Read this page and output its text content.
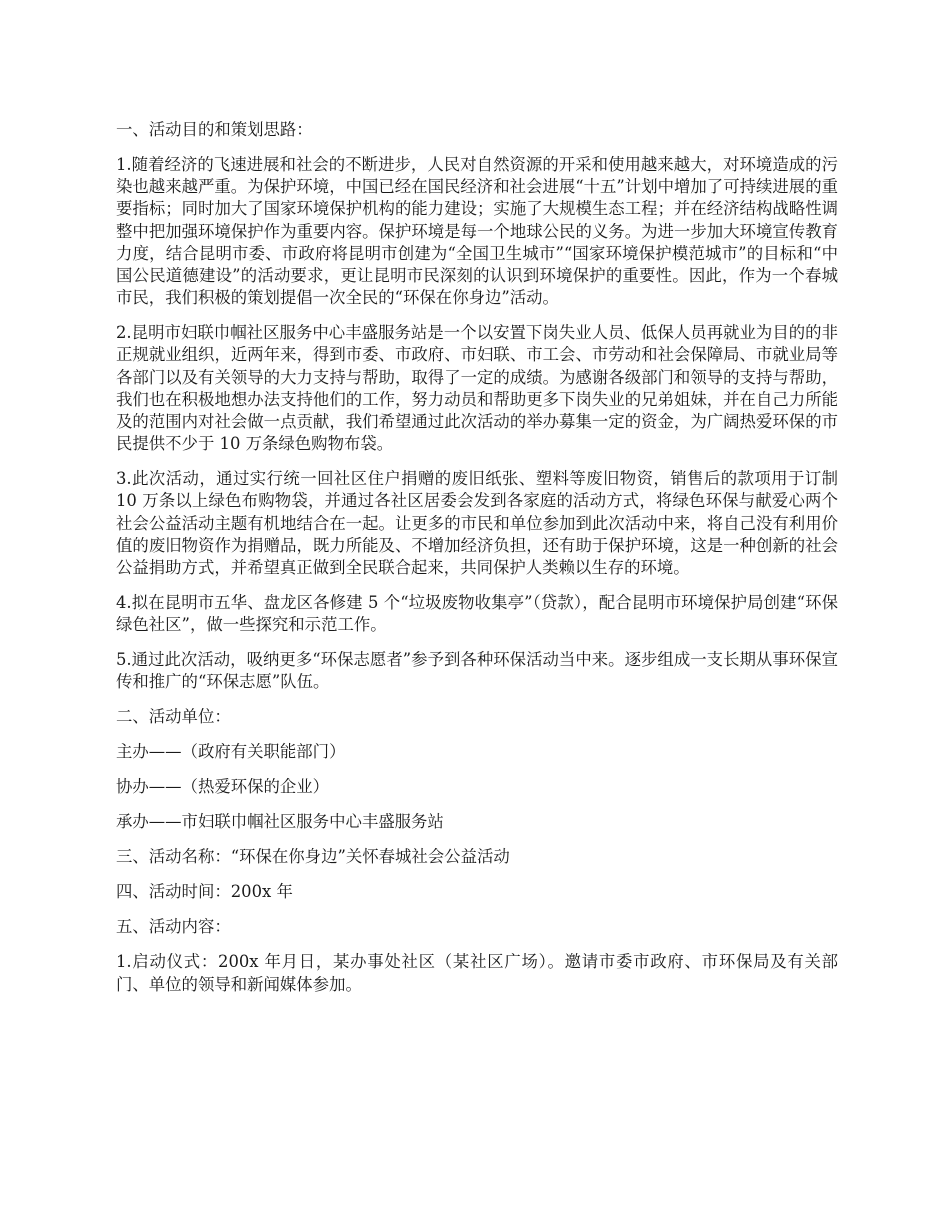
一、活动目的和策划思路：

1.随着经济的飞速进展和社会的不断进步，人民对自然资源的开采和使用越来越大，对环境造成的污染也越来越严重。为保护环境，中国已经在国民经济和社会进展“十五”计划中增加了可持续进展的重要指标；同时加大了国家环境保护机构的能力建设；实施了大规模生态工程；并在经济结构战略性调整中把加强环境保护作为重要内容。保护环境是每一个地球公民的义务。为进一步加大环境宣传教育力度，结合昆明市委、市政府将昆明市创建为“全国卫生城市”“国家环境保护模范城市”的目标和“中国公民道德建设”的活动要求，更让昆明市民深刻的认识到环境保护的重要性。因此，作为一个春城市民，我们积极的策划提倡一次全民的“环保在你身边”活动。

2.昆明市妇联巾帼社区服务中心丰盛服务站是一个以安置下岗失业人员、低保人员再就业为目的的非正规就业组织，近两年来，得到市委、市政府、市妇联、市工会、市劳动和社会保障局、市就业局等各部门以及有关领导的大力支持与帮助，取得了一定的成绩。为感谢各级部门和领导的支持与帮助，我们也在积极地想办法支持他们的工作，努力动员和帮助更多下岗失业的兄弟姐妹，并在自己力所能及的范围内对社会做一点贡献，我们希望通过此次活动的举办募集一定的资金，为广阔热爱环保的市民提供不少于 10 万条绿色购物布袋。

3.此次活动，通过实行统一回社区住户捐赠的废旧纸张、塑料等废旧物资，销售后的款项用于订制 10 万条以上绿色布购物袋，并通过各社区居委会发到各家庭的活动方式，将绿色环保与献爱心两个社会公益活动主题有机地结合在一起。让更多的市民和单位参加到此次活动中来，将自己没有利用价值的废旧物资作为捐赠品，既力所能及、不增加经济负担，还有助于保护环境，这是一种创新的社会公益捐助方式，并希望真正做到全民联合起来，共同保护人类赖以生存的环境。

4.拟在昆明市五华、盘龙区各修建 5 个“垃圾废物收集亭”（贷款），配合昆明市环境保护局创建“环保绿色社区”，做一些探究和示范工作。

5.通过此次活动，吸纳更多“环保志愿者”参予到各种环保活动当中来。逐步组成一支长期从事环保宣传和推广的“环保志愿”队伍。

二、活动单位：

主办——（政府有关职能部门）

协办——（热爱环保的企业）

承办——市妇联巾帼社区服务中心丰盛服务站

三、活动名称：“环保在你身边”关怀春城社会公益活动

四、活动时间：200x 年

五、活动内容：

1.启动仪式：200x 年月日，某办事处社区（某社区广场）。邀请市委市政府、市环保局及有关部门、单位的领导和新闻媒体参加。
